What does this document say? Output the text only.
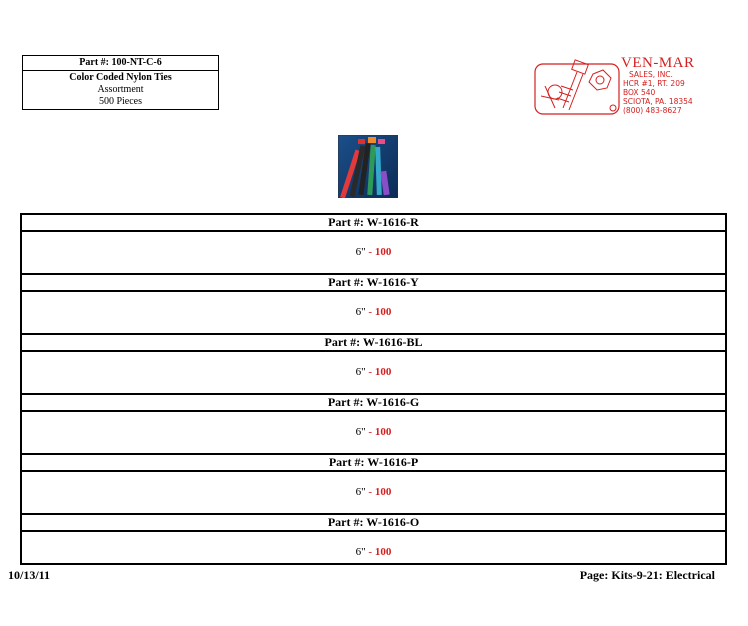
Part #: 100-NT-C-6
Color Coded Nylon Ties
Assortment
500 Pieces
VEN-MAR
SALES, INC.
HCR #1, RT. 209
BOX 540
SCIOTA, PA. 18354
(800) 483-8627
Part #: W-1616-R
6" - 100
Part #: W-1616-Y
6" - 100
Part #: W-1616-BL
6" - 100
Part #: W-1616-G
6" - 100
Part #: W-1616-P
6" - 100
Part #: W-1616-O
6" - 100
10/13/11	Page: Kits-9-21: Electrical
